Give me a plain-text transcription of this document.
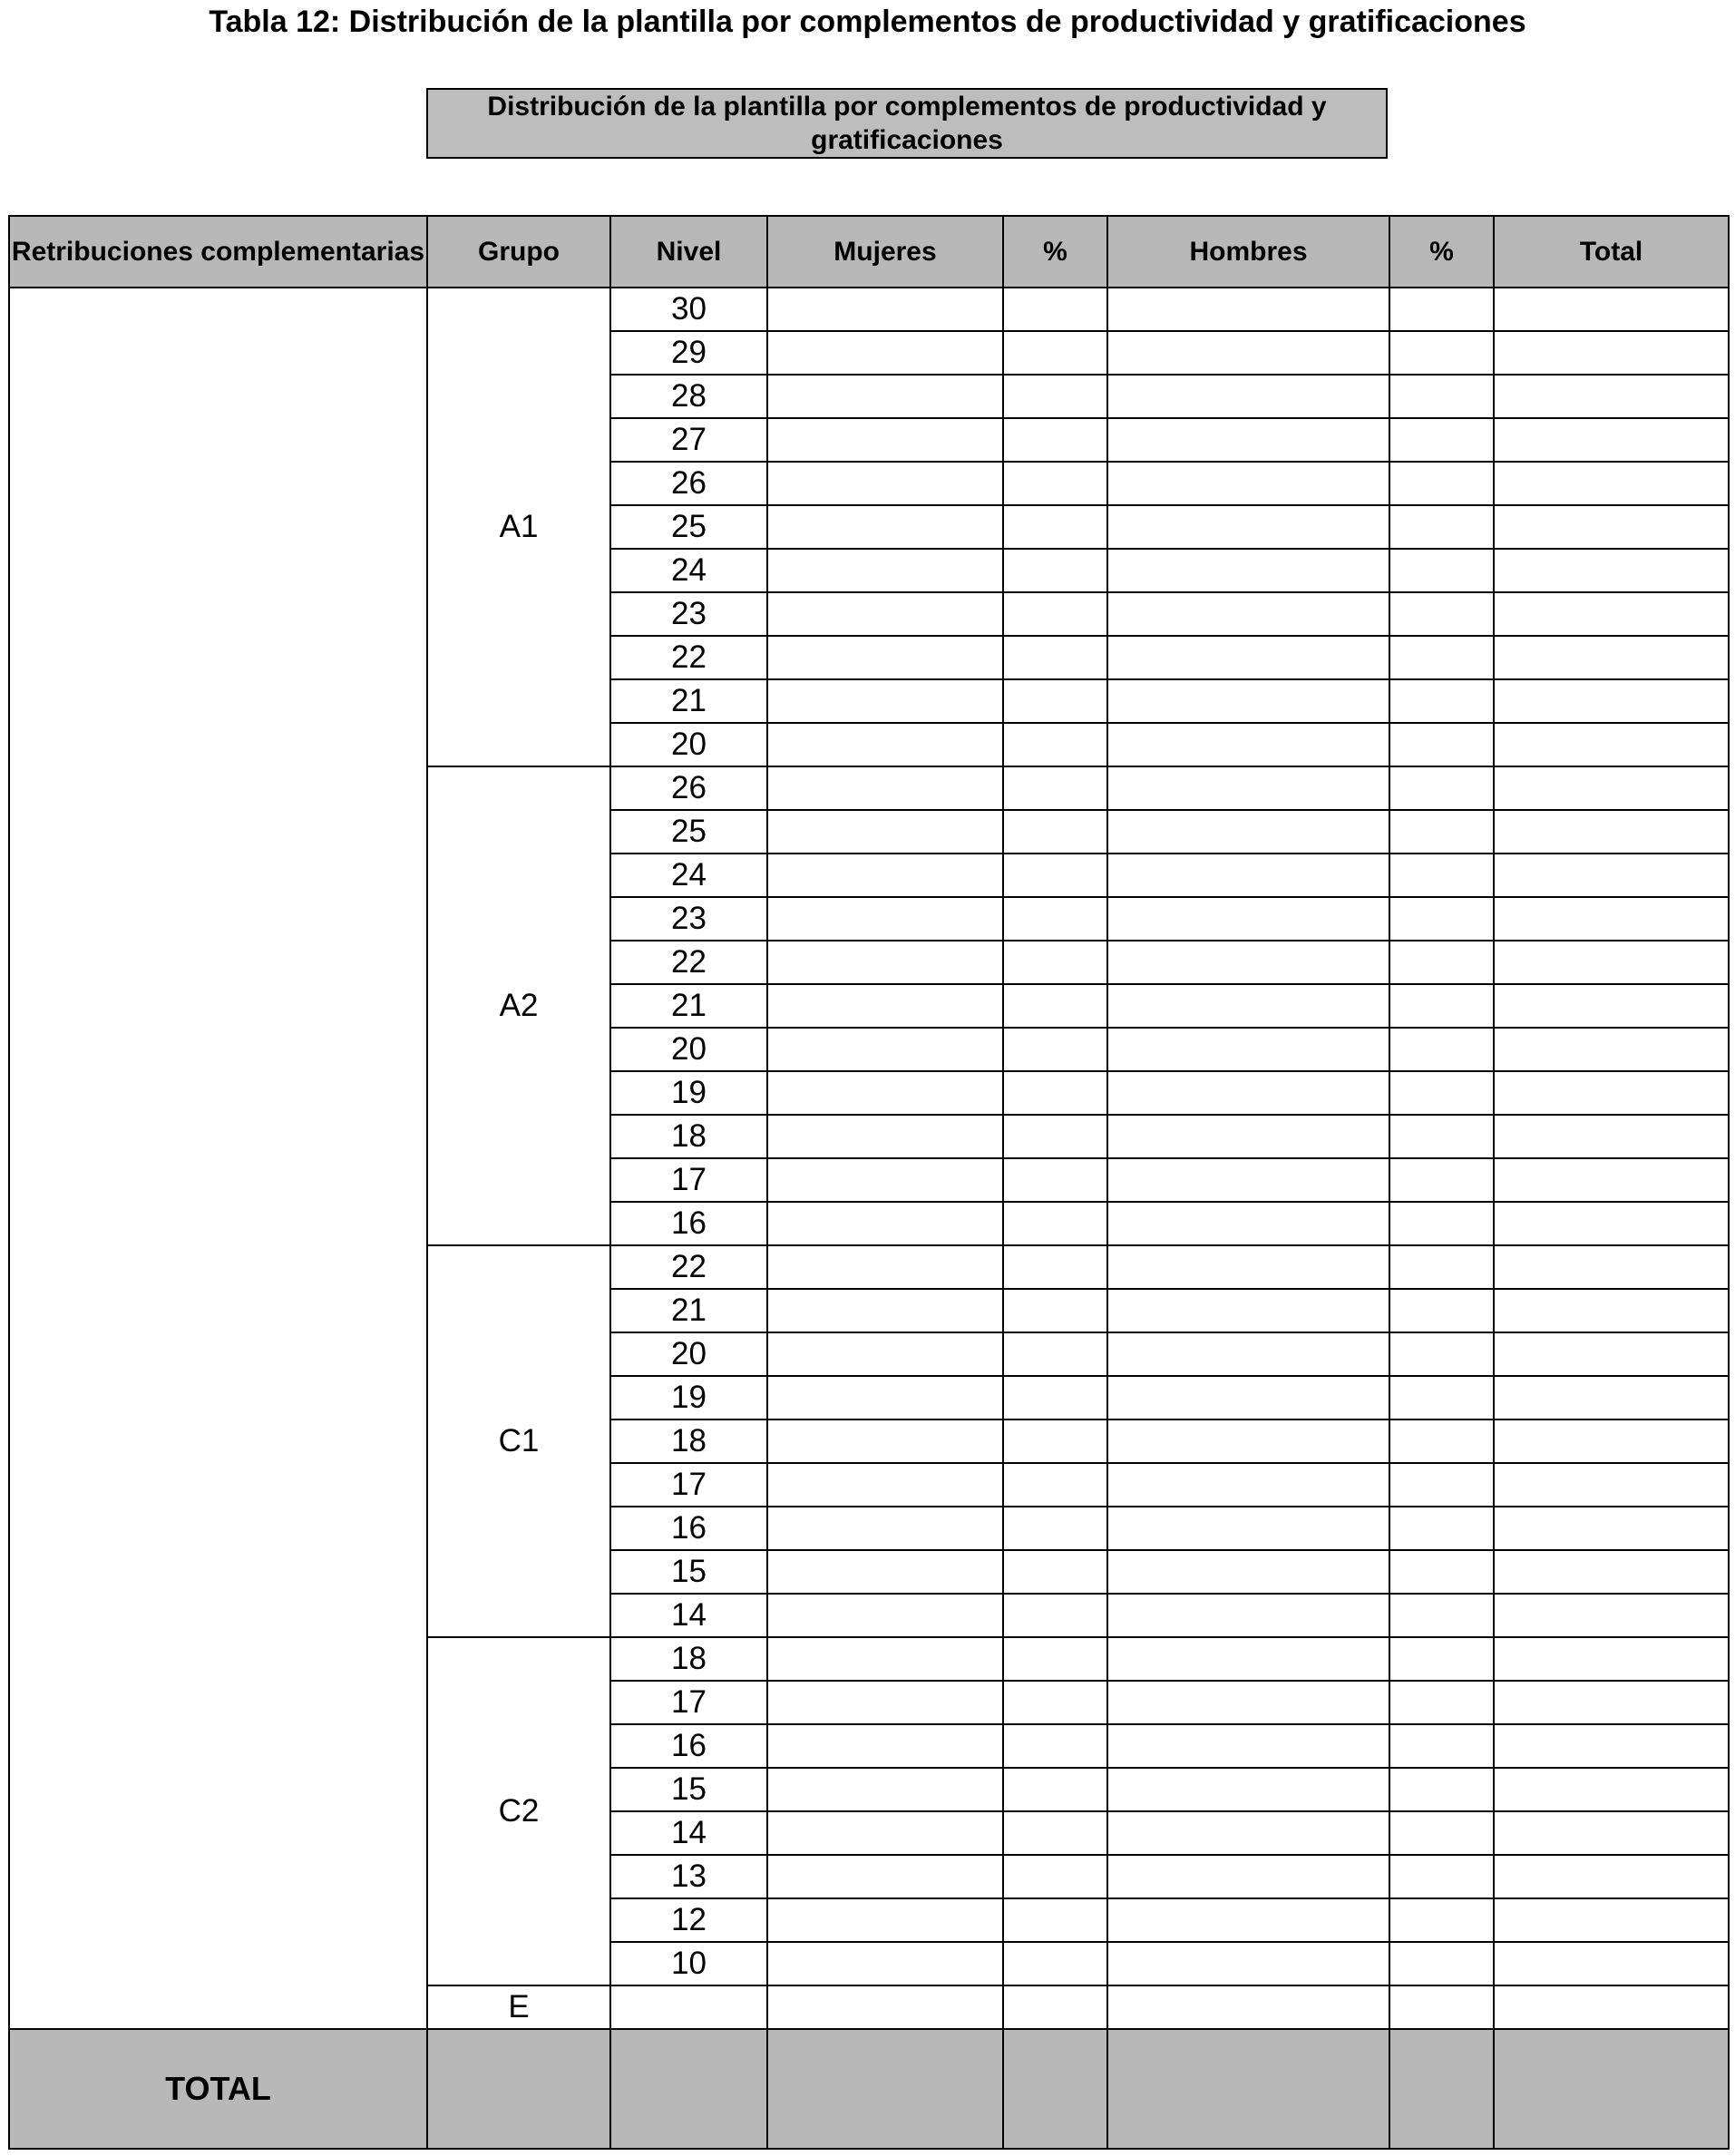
Tabla 12: Distribución de la plantilla por complementos de productividad y gratificaciones
Distribución de la plantilla por complementos de productividad y gratificaciones
Retribuciones complementarias	Grupo	Nivel	Mujeres	%	Hombres	%	Total
	A1	30					
		29					
		28					
		27					
		26					
		25					
		24					
		23					
		22					
		21					
		20					
	A2	26					
		25					
		24					
		23					
		22					
		21					
		20					
		19					
		18					
		17					
		16					
	C1	22					
		21					
		20					
		19					
		18					
		17					
		16					
		15					
		14					
	C2	18					
		17					
		16					
		15					
		14					
		13					
		12					
		10					
	E						
TOTAL							
